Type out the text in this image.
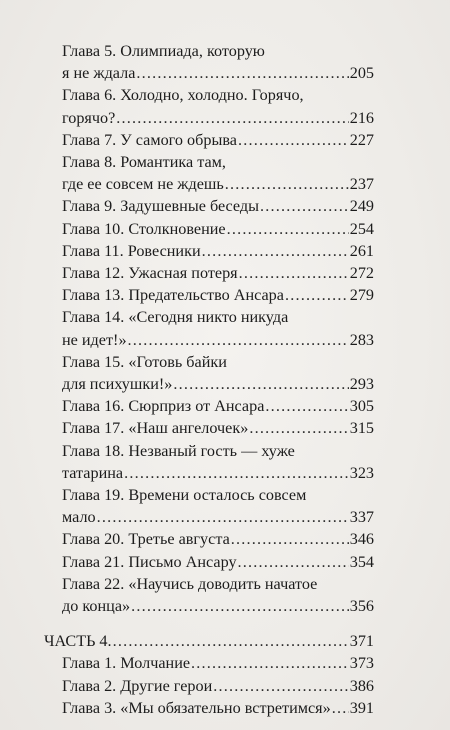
Глава 5. Олимпиада, которую
я не ждала .....	205
Глава 6. Холодно, холодно. Горячо,
горячо? .....	216
Глава 7. У самого обрыва .....	227
Глава 8. Романтика там,
где ее совсем не ждешь .....	237
Глава 9. Задушевные беседы .....	249
Глава 10. Столкновение .....	254
Глава 11. Ровесники .....	261
Глава 12. Ужасная потеря .....	272
Глава 13. Предательство Ансара .....	279
Глава 14. «Сегодня никто никуда
не идет!» .....	283
Глава 15. «Готовь байки
для психушки!» .....	293
Глава 16. Сюрприз от Ансара .....	305
Глава 17. «Наш ангелочек» .....	315
Глава 18. Незваный гость — хуже
татарина .....	323
Глава 19. Времени осталось совсем
мало .....	337
Глава 20. Третье августа .....	346
Глава 21. Письмо Ансару .....	354
Глава 22. «Научись доводить начатое
до конца» .....	356
ЧАСТЬ 4. .....	371
Глава 1. Молчание .....	373
Глава 2. Другие герои .....	386
Глава 3. «Мы обязательно встретимся» ..... 391
